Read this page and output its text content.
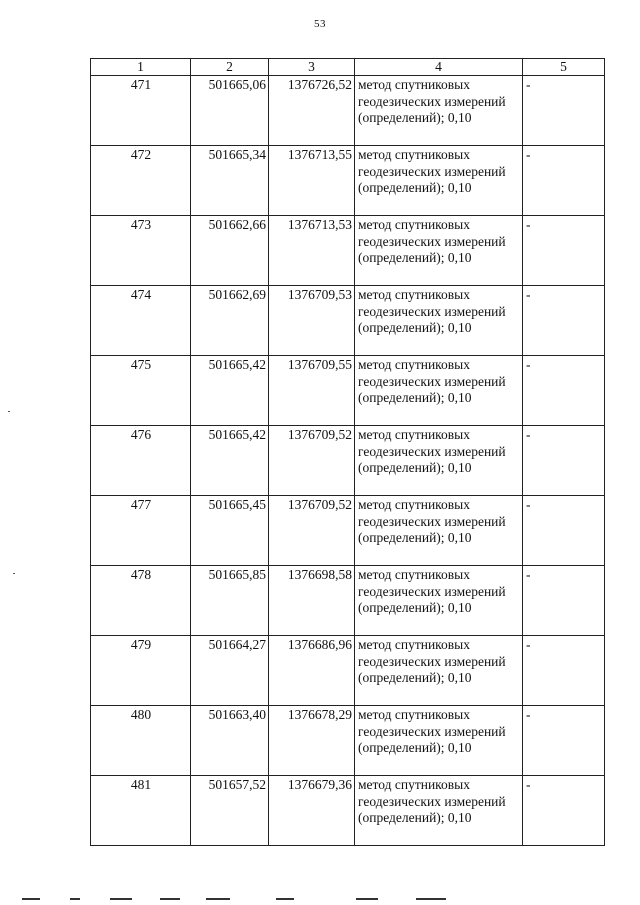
53
1	2	3	4	5
471	501665,06	1376726,52	метод спутниковых геодезических измерений (определений); 0,10	-
472	501665,34	1376713,55	метод спутниковых геодезических измерений (определений); 0,10	-
473	501662,66	1376713,53	метод спутниковых геодезических измерений (определений); 0,10	-
474	501662,69	1376709,53	метод спутниковых геодезических измерений (определений); 0,10	-
475	501665,42	1376709,55	метод спутниковых геодезических измерений (определений); 0,10	-
476	501665,42	1376709,52	метод спутниковых геодезических измерений (определений); 0,10	-
477	501665,45	1376709,52	метод спутниковых геодезических измерений (определений); 0,10	-
478	501665,85	1376698,58	метод спутниковых геодезических измерений (определений); 0,10	-
479	501664,27	1376686,96	метод спутниковых геодезических измерений (определений); 0,10	-
480	501663,40	1376678,29	метод спутниковых геодезических измерений (определений); 0,10	-
481	501657,52	1376679,36	метод спутниковых геодезических измерений (определений); 0,10	-
